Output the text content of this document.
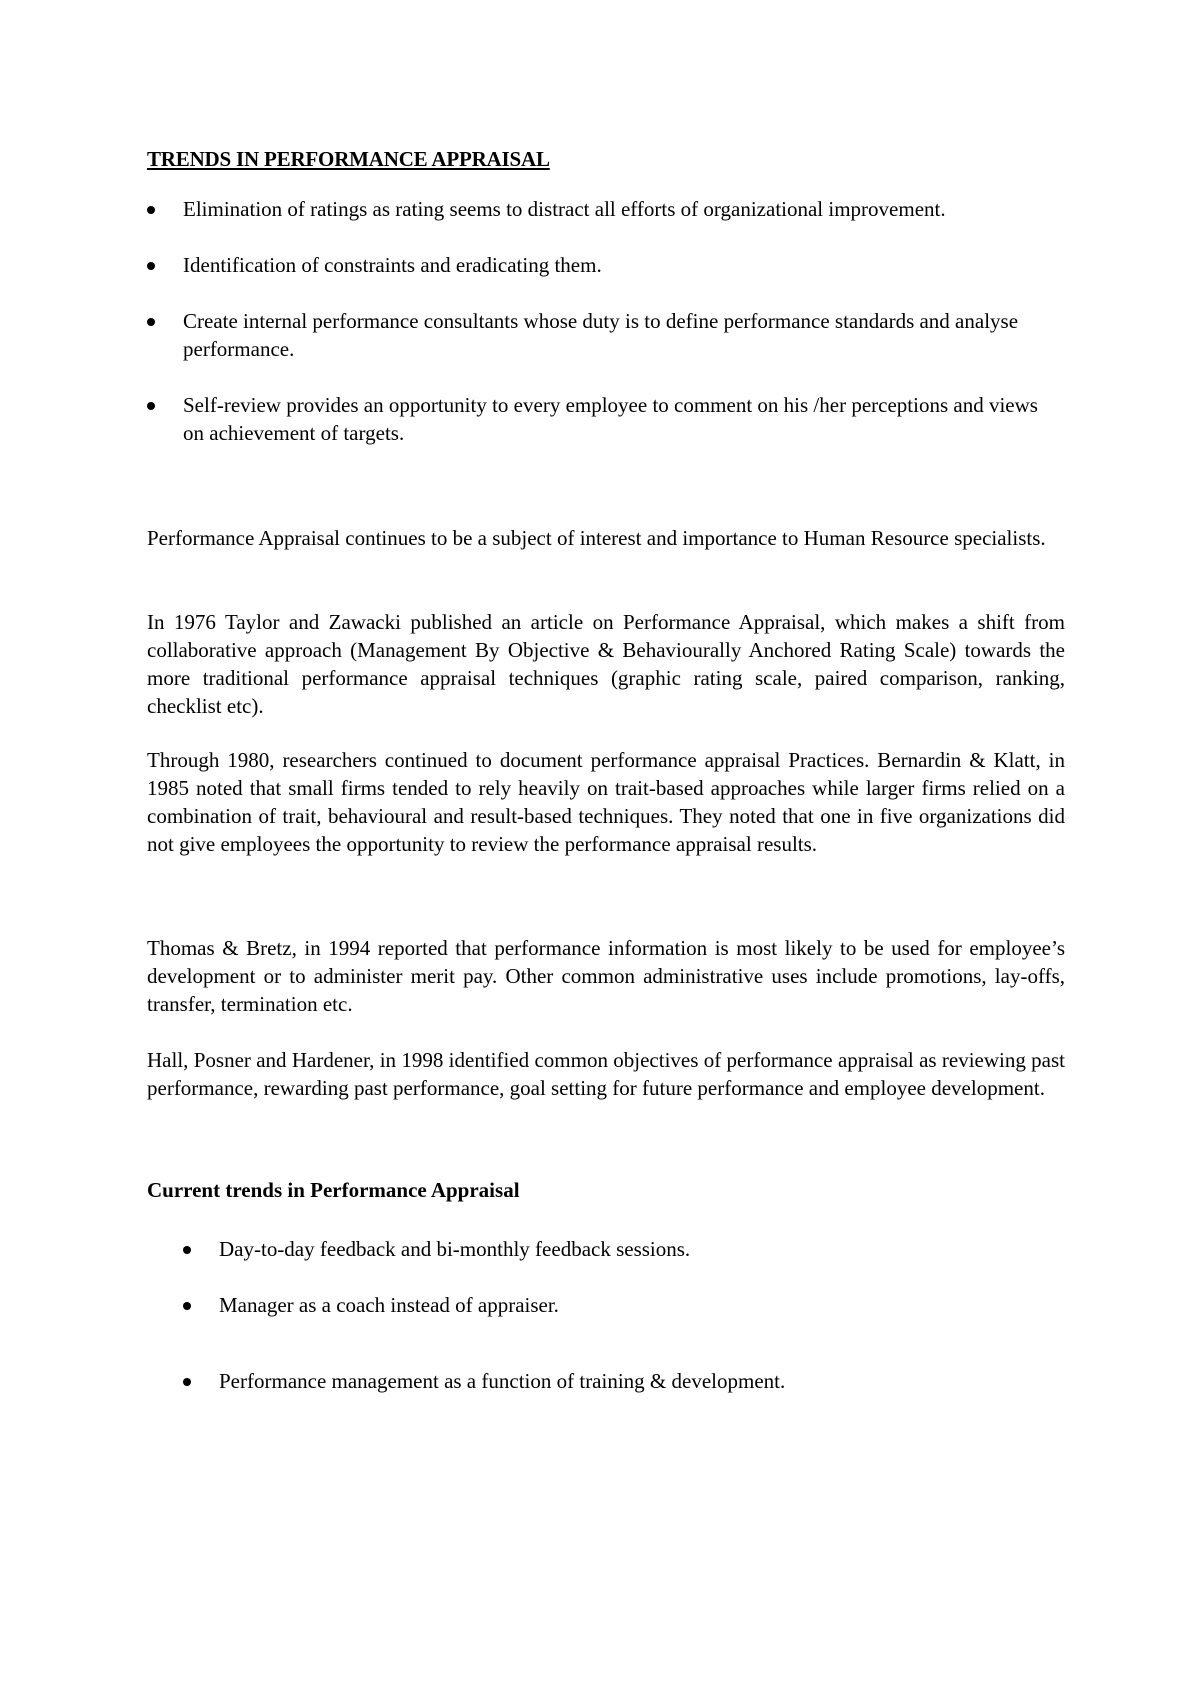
TRENDS IN PERFORMANCE APPRAISAL
Elimination of ratings as rating seems to distract all efforts of organizational improvement.
Identification of constraints and eradicating them.
Create internal performance consultants whose duty is to define performance standards and analyse performance.
Self-review provides an opportunity to every employee to comment on his /her perceptions and views on achievement of targets.

Performance Appraisal continues to be a subject of interest and importance to Human Resource specialists.

In 1976 Taylor and Zawacki published an article on Performance Appraisal, which makes a shift from collaborative approach (Management By Objective & Behaviourally Anchored Rating Scale) towards the more traditional performance appraisal techniques (graphic rating scale, paired comparison, ranking, checklist etc).

Through 1980, researchers continued to document performance appraisal Practices. Bernardin & Klatt, in 1985 noted that small firms tended to rely heavily on trait-based approaches while larger firms relied on a combination of trait, behavioural and result-based techniques. They noted that one in five organizations did not give employees the opportunity to review the performance appraisal results.

Thomas & Bretz, in 1994 reported that performance information is most likely to be used for employee’s development or to administer merit pay. Other common administrative uses include promotions, lay-offs, transfer, termination etc.

Hall, Posner and Hardener, in 1998 identified common objectives of performance appraisal as reviewing past performance, rewarding past performance, goal setting for future performance and employee development.

Current trends in Performance Appraisal
Day-to-day feedback and bi-monthly feedback sessions.
Manager as a coach instead of appraiser.
Performance management as a function of training & development.
